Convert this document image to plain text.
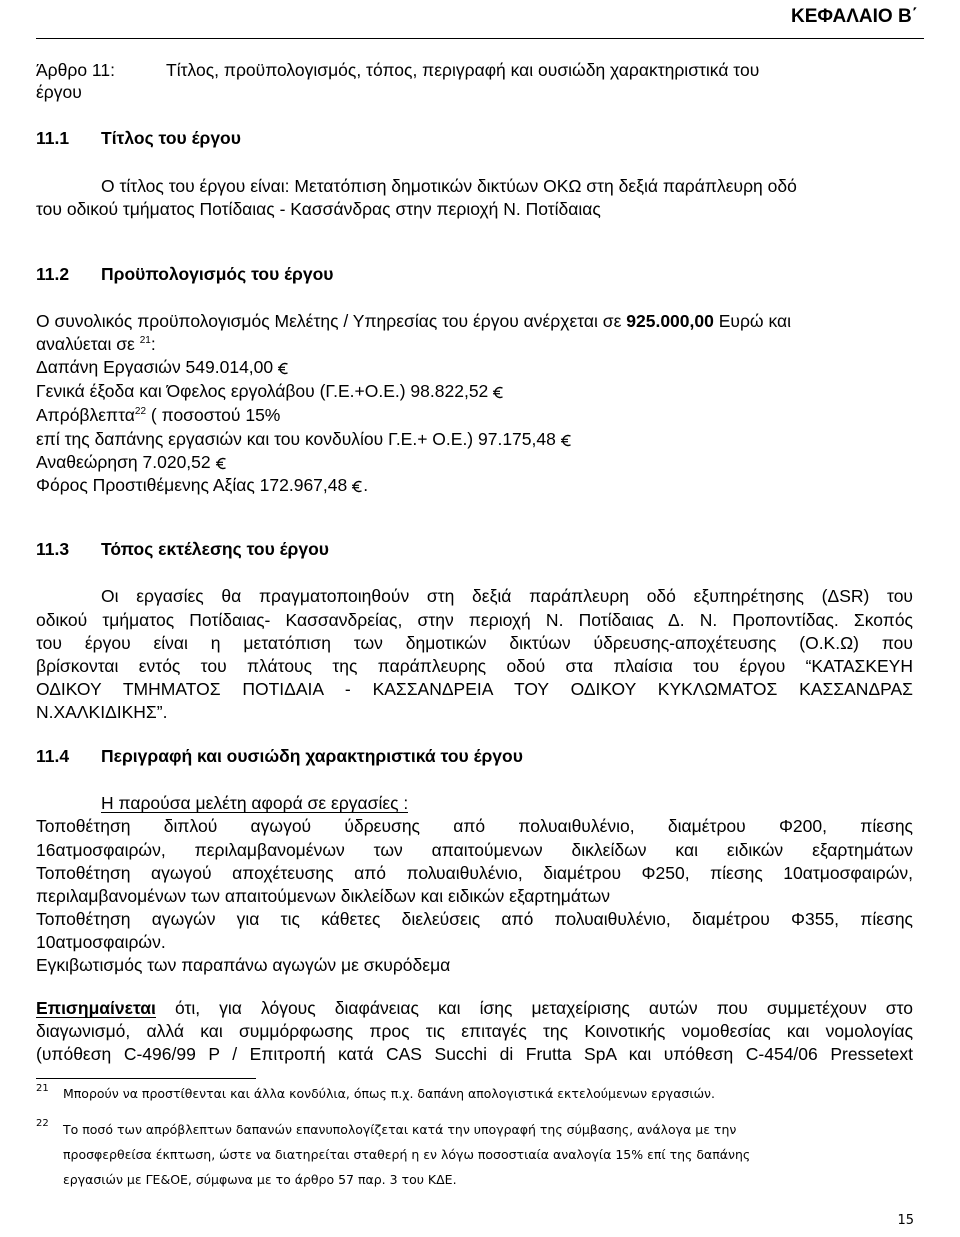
ΚΕΦΑΛΑΙΟ Β΄

Άρθρο 11:	Τίτλος, προϋπολογισμός, τόπος, περιγραφή και ουσιώδη χαρακτηριστικά του

έργου

11.1 Τίτλος του έργου

Ο τίτλος του έργου είναι: Μετατόπιση δημοτικών δικτύων ΟΚΩ στη δεξιά παράπλευρη οδό

του οδικού τμήματος Ποτίδαιας - Κασσάνδρας στην περιοχή Ν. Ποτίδαιας

11.2 Προϋπολογισμός του έργου

Ο συνολικός προϋπολογισμός Μελέτης / Υπηρεσίας του έργου ανέρχεται σε 925.000,00 Ευρώ και

αναλύεται σε $^{21}$:

Δαπάνη Εργασιών 549.014,00

Γενικά έξοδα και Όφελος εργολάβου (Γ.Ε.+Ο.Ε.) 98.822,52

Απρόβλεπτα$^{22}$ ( ποσοστού 15%

επί της δαπάνης εργασιών και του κονδυλίου Γ.Ε.+ Ο.Ε.) 97.175,48

Αναθεώρηση 7.020,52

Φόρος Προστιθέμενης Αξίας 172.967,48 .

11.3 Τόπος εκτέλεσης του έργου

Οι εργασίες θα πραγματοποιηθούν στη δεξιά παράπλευρη οδό εξυπηρέτησης (ΔSR) του

οδικού τμήματος Ποτίδαιας- Κασσανδρείας, στην περιοχή Ν. Ποτίδαιας Δ. Ν. Προποντίδας. Σκοπός

του έργου είναι η μετατόπιση των δημοτικών δικτύων ύδρευσης-αποχέτευσης (Ο.Κ.Ω) που

βρίσκονται εντός του πλάτους της παράπλευρης οδού στα πλαίσια του έργου “ΚΑΤΑΣΚΕΥΗ

ΟΔΙΚΟΥ ΤΜΗΜΑΤΟΣ ΠΟΤΙΔΑΙΑ - ΚΑΣΣΑΝΔΡΕΙΑ ΤΟΥ ΟΔΙΚΟΥ ΚΥΚΛΩΜΑΤΟΣ ΚΑΣΣΑΝΔΡΑΣ

Ν.ΧΑΛΚΙΔΙΚΗΣ”.

11.4 Περιγραφή και ουσιώδη χαρακτηριστικά του έργου

Η παρούσα μελέτη αφορά σε εργασίες :

Τοποθέτηση διπλού αγωγού ύδρευσης από πολυαιθυλένιο, διαμέτρου Φ200, πίεσης

16ατμοσφαιρών, περιλαμβανομένων των απαιτούμενων δικλείδων και ειδικών εξαρτημάτων

Τοποθέτηση αγωγού αποχέτευσης από πολυαιθυλένιο, διαμέτρου Φ250, πίεσης 10ατμοσφαιρών,

περιλαμβανομένων των απαιτούμενων δικλείδων και ειδικών εξαρτημάτων

Τοποθέτηση αγωγών για τις κάθετες διελεύσεις από πολυαιθυλένιο, διαμέτρου Φ355, πίεσης

10ατμοσφαιρών.

Εγκιβωτισμός των παραπάνω αγωγών με σκυρόδεμα

Επισημαίνεται ότι, για λόγους διαφάνειας και ίσης μεταχείρισης αυτών που συμμετέχουν στο

διαγωνισμό, αλλά και συμμόρφωσης προς τις επιταγές της Κοινοτικής νομοθεσίας και νομολογίας

(υπόθεση C-496/99 P / Επιτροπή κατά CAS Succhi di Frutta SpA και υπόθεση C-454/06 Pressetext

21 Μπορούν να προστίθενται και άλλα κονδύλια, όπως π.χ. δαπάνη απολογιστικά εκτελούμενων εργασιών.

22 Το ποσό των απρόβλεπτων δαπανών επανυπολογίζεται κατά την υπογραφή της σύμβασης, ανάλογα με την

προσφερθείσα έκπτωση, ώστε να διατηρείται σταθερή η εν λόγω ποσοστιαία αναλογία 15% επί της δαπάνης

εργασιών με ΓΕ&ΟΕ, σύμφωνα με το άρθρο 57 παρ. 3 του ΚΔΕ.

15
